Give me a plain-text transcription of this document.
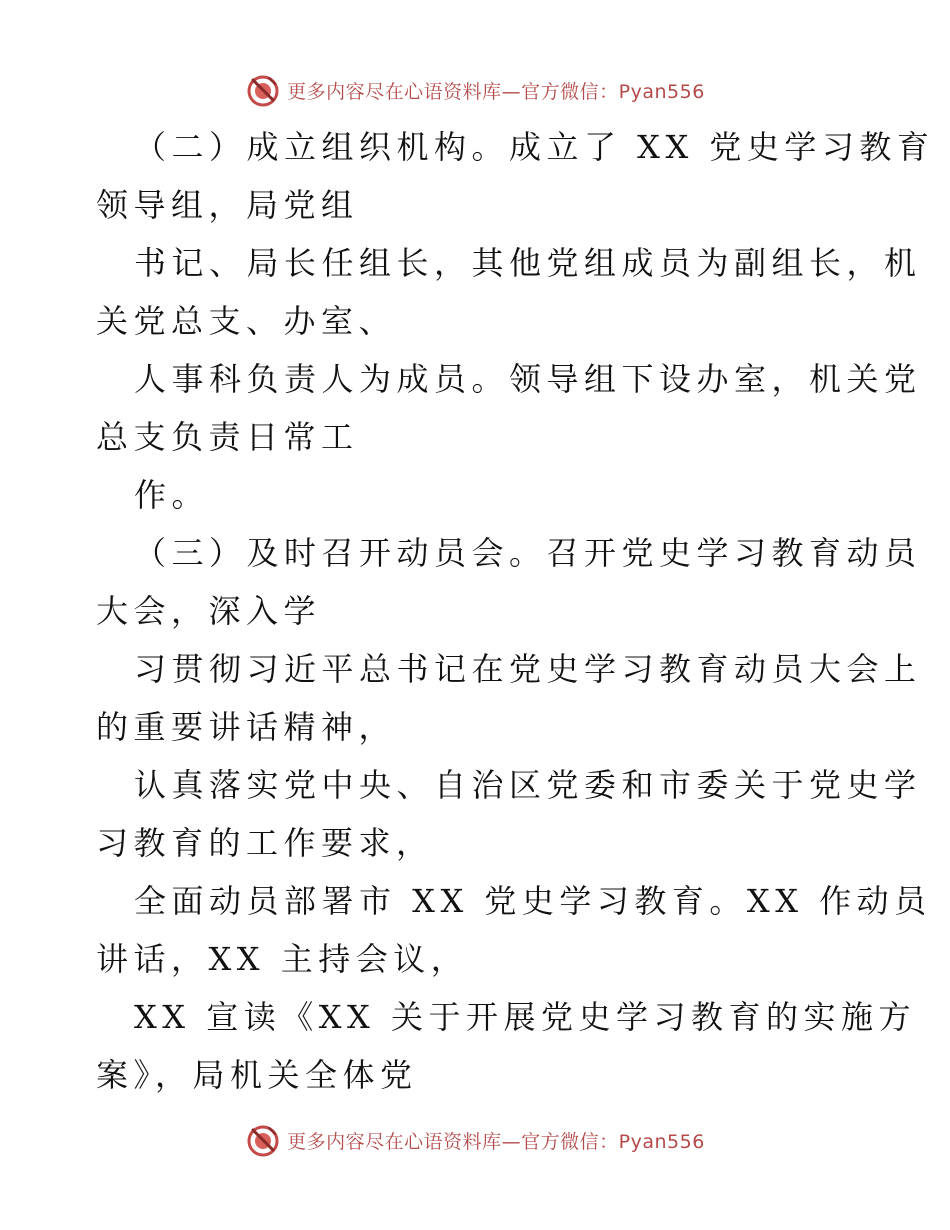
更多内容尽在心语资料库—官方微信：Pyan556
（二）成立组织机构。成立了 XX 党史学习教育
领导组，局党组
书记、局长任组长，其他党组成员为副组长，机
关党总支、办室、
人事科负责人为成员。领导组下设办室，机关党
总支负责日常工
作。
（三）及时召开动员会。召开党史学习教育动员
大会，深入学
习贯彻习近平总书记在党史学习教育动员大会上
的重要讲话精神，
认真落实党中央、自治区党委和市委关于党史学
习教育的工作要求，
全面动员部署市 XX 党史学习教育。XX 作动员
讲话，XX 主持会议，
XX 宣读《XX 关于开展党史学习教育的实施方
案》，局机关全体党
更多内容尽在心语资料库—官方微信：Pyan556
